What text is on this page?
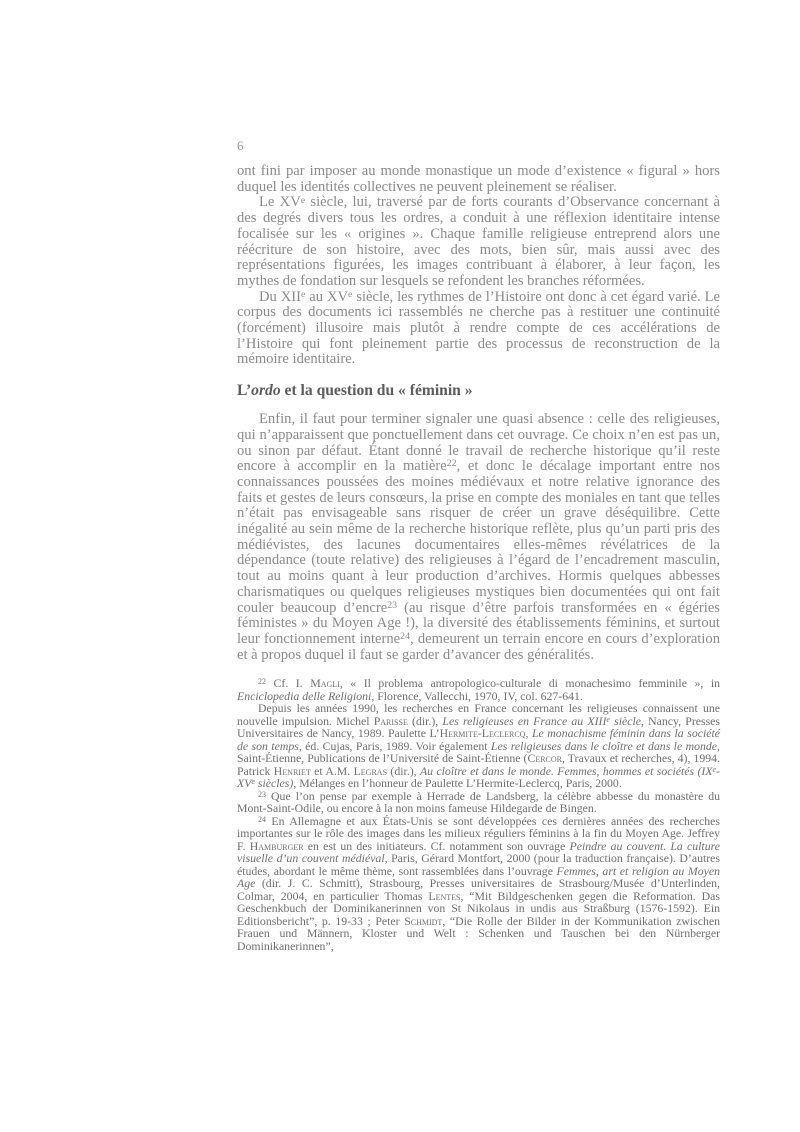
6

ont fini par imposer au monde monastique un mode d’existence « figural » hors duquel les identités collectives ne peuvent pleinement se réaliser.

Le XVe siècle, lui, traversé par de forts courants d’Observance concernant à des degrés divers tous les ordres, a conduit à une réflexion identitaire intense focalisée sur les « origines ». Chaque famille religieuse entreprend alors une réécriture de son histoire, avec des mots, bien sûr, mais aussi avec des représentations figurées, les images contribuant à élaborer, à leur façon, les mythes de fondation sur lesquels se refondent les branches réformées.

Du XIIe au XVe siècle, les rythmes de l’Histoire ont donc à cet égard varié. Le corpus des documents ici rassemblés ne cherche pas à restituer une continuité (forcément) illusoire mais plutôt à rendre compte de ces accélérations de l’Histoire qui font pleinement partie des processus de reconstruction de la mémoire identitaire.

L’ordo et la question du « féminin »

Enfin, il faut pour terminer signaler une quasi absence : celle des religieuses, qui n’apparaissent que ponctuellement dans cet ouvrage. Ce choix n’en est pas un, ou sinon par défaut. Étant donné le travail de recherche historique qu’il reste encore à accomplir en la matière$^{22}$, et donc le décalage important entre nos connaissances poussées des moines médiévaux et notre relative ignorance des faits et gestes de leurs consœurs, la prise en compte des moniales en tant que telles n’était pas envisageable sans risquer de créer un grave déséquilibre. Cette inégalité au sein même de la recherche historique reflète, plus qu’un parti pris des médiévistes, des lacunes documentaires elles-mêmes révélatrices de la dépendance (toute relative) des religieuses à l’égard de l’encadrement masculin, tout au moins quant à leur production d’archives. Hormis quelques abbesses charismatiques ou quelques religieuses mystiques bien documentées qui ont fait couler beaucoup d’encre$^{23}$ (au risque d’être parfois transformées en « égéries féministes » du Moyen Age !), la diversité des établissements féminins, et surtout leur fonctionnement interne$^{24}$, demeurent un terrain encore en cours d’exploration et à propos duquel il faut se garder d’avancer des généralités.

$^{22}$ Cf. I. Magli, « Il problema antropologico-culturale di monachesimo femminile », in Enciclopedia delle Religioni, Florence, Vallecchi, 1970, IV, col. 627-641.

Depuis les années 1990, les recherches en France concernant les religieuses connaissent une nouvelle impulsion. Michel Parisse (dir.), Les religieuses en France au XIIIe siècle, Nancy, Presses Universitaires de Nancy, 1989. Paulette L’Hermite-Leclercq, Le monachisme féminin dans la société de son temps, éd. Cujas, Paris, 1989. Voir également Les religieuses dans le cloître et dans le monde, Saint-Étienne, Publications de l’Université de Saint-Étienne (Cercor, Travaux et recherches, 4), 1994. Patrick Henriet et A.M. Legras (dir.), Au cloître et dans le monde. Femmes, hommes et sociétés (IXe-XVe siècles), Mélanges en l’honneur de Paulette L’Hermite-Leclercq, Paris, 2000.

$^{23}$ Que l’on pense par exemple à Herrade de Landsberg, la célèbre abbesse du monastère du Mont-Saint-Odile, ou encore à la non moins fameuse Hildegarde de Bingen.

$^{24}$ En Allemagne et aux États-Unis se sont développées ces dernières années des recherches importantes sur le rôle des images dans les milieux réguliers féminins à la fin du Moyen Age. Jeffrey F. Hamburger en est un des initiateurs. Cf. notamment son ouvrage Peindre au couvent. La culture visuelle d’un couvent médiéval, Paris, Gérard Montfort, 2000 (pour la traduction française). D’autres études, abordant le même thème, sont rassemblées dans l’ouvrage Femmes, art et religion au Moyen Age (dir. J. C. Schmitt), Strasbourg, Presses universitaires de Strasbourg/Musée d’Unterlinden, Colmar, 2004, en particulier Thomas Lentes, “Mit Bildgeschenken gegen die Reformation. Das Geschenkbuch der Dominikanerinnen von St Nikolaus in undis aus Straßburg (1576-1592). Ein Editionsbericht”, p. 19-33 ; Peter Schmidt, “Die Rolle der Bilder in der Kommunikation zwischen Frauen und Männern, Kloster und Welt : Schenken und Tauschen bei den Nürnberger Dominikanerinnen”,
